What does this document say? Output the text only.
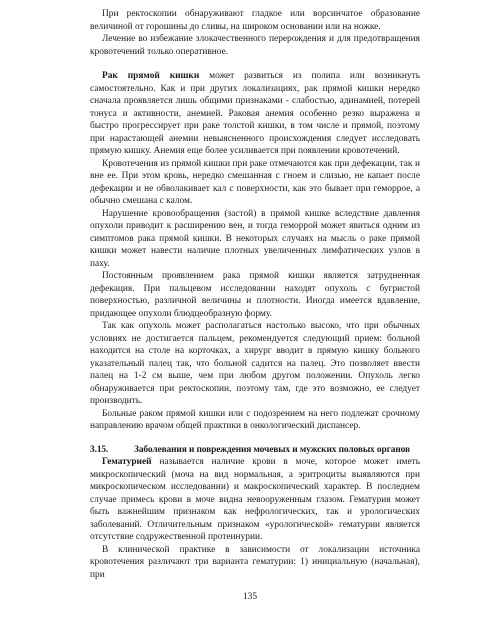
При ректоскопии обнаруживают гладкое или ворсинчатое образование величиной от горошины до сливы, на широком основании или на ножке.

Лечение во избежание злокачественного перерождения и для предотвращения кровотечений только оперативное.

Рак прямой кишки может развиться из полипа или возникнуть самостоятельно. Как и при других локализациях, рак прямой кишки нередко сначала проявляется лишь общими признаками - слабостью, адинамией, потерей тонуса и активности, анемией. Раковая анемия особенно резко выражена и быстро прогрессирует при раке толстой кишки, в том числе и прямой, поэтому при нарастающей анемии невыясненного происхождения следует исследовать прямую кишку. Анемия еще более усиливается при появлении кровотечений.

Кровотечения из прямой кишки при раке отмечаются как при дефекации, так и вне ее. При этом кровь, нередко смешанная с гноем и слизью, не капает после дефекации и не обволакивает кал с поверхности, как это бывает при геморрое, а обычно смешана с калом.

Нарушение кровообращения (застой) в прямой кишке вследствие давления опухоли приводит к расширению вен, и тогда геморрой может явиться одним из симптомов рака прямой кишки. В некоторых случаях на мысль о раке прямой кишки может навести наличие плотных увеличенных лимфатических узлов в паху.

Постоянным проявлением рака прямой кишки является затрудненная дефекация. При пальцевом исследовании находят опухоль с бугристой поверхностью, различной величины и плотности. Иногда имеется вдавление, придающее опухоли блюдцеобразную форму.

Так как опухоль может располагаться настолько высоко, что при обычных условиях не достигается пальцем, рекомендуется следующий прием: больной находится на столе на корточках, а хирург вводит в прямую кишку больного указательный палец так, что больной садится на палец. Это позволяет ввести палец на 1-2 см выше, чем при любом другом положении. Опухоль легко обнаруживается при ректоскопии, поэтому там, где это возможно, ее следует производить.

Больные раком прямой кишки или с подозрением на него подлежат срочному направлению врачом общей практики в онкологический диспансер.

3.15.	Заболевания и повреждения мочевых и мужских половых органов

Гематурией называется наличие крови в моче, которое может иметь микроскопический (моча на вид нормальная, а эритроциты выявляются при микроскопическом исследовании) и макроскопический характер. В последнем случае примесь крови в моче видна невооруженным глазом. Гематурия может быть важнейшим признаком как нефрологических, так и урологических заболеваний. Отличительным признаком «урологической» гематурии является отсутствие содружественной протеинурии.

В клинической практике в зависимости от локализации источника кровотечения различают три варианта гематурии: 1) инициальную (начальная), при

135
